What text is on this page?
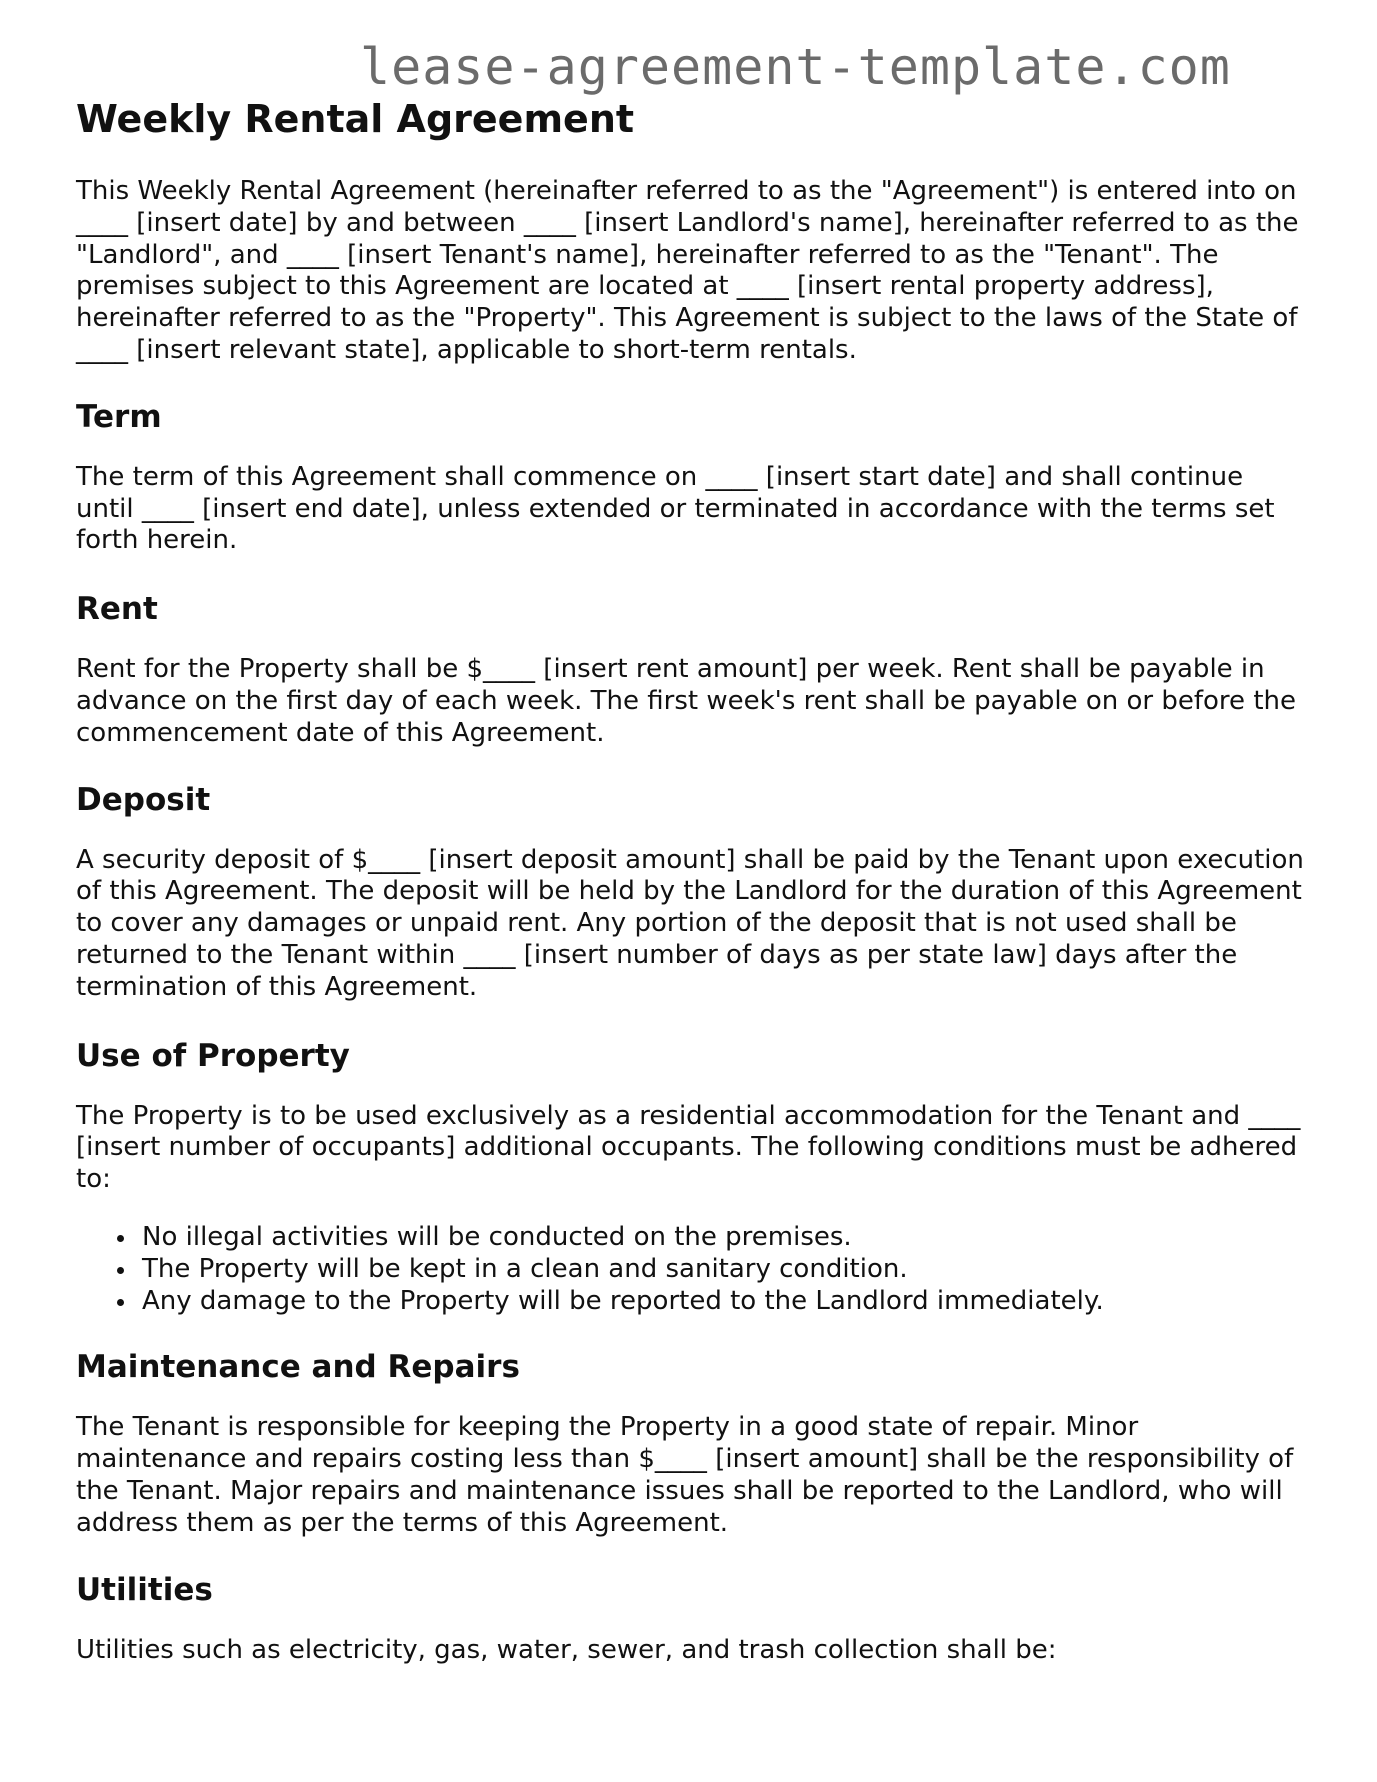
lease-agreement-template.com
Weekly Rental Agreement

This Weekly Rental Agreement (hereinafter referred to as the "Agreement") is entered into on ____ [insert date] by and between ____ [insert Landlord's name], hereinafter referred to as the "Landlord", and ____ [insert Tenant's name], hereinafter referred to as the "Tenant". The premises subject to this Agreement are located at ____ [insert rental property address], hereinafter referred to as the "Property". This Agreement is subject to the laws of the State of ____ [insert relevant state], applicable to short-term rentals.

Term

The term of this Agreement shall commence on ____ [insert start date] and shall continue until ____ [insert end date], unless extended or terminated in accordance with the terms set forth herein.

Rent

Rent for the Property shall be $____ [insert rent amount] per week. Rent shall be payable in advance on the first day of each week. The first week's rent shall be payable on or before the commencement date of this Agreement.

Deposit

A security deposit of $____ [insert deposit amount] shall be paid by the Tenant upon execution of this Agreement. The deposit will be held by the Landlord for the duration of this Agreement to cover any damages or unpaid rent. Any portion of the deposit that is not used shall be returned to the Tenant within ____ [insert number of days as per state law] days after the termination of this Agreement.

Use of Property

The Property is to be used exclusively as a residential accommodation for the Tenant and ____ [insert number of occupants] additional occupants. The following conditions must be adhered to:

No illegal activities will be conducted on the premises.
The Property will be kept in a clean and sanitary condition.
Any damage to the Property will be reported to the Landlord immediately.
Maintenance and Repairs

The Tenant is responsible for keeping the Property in a good state of repair. Minor maintenance and repairs costing less than $____ [insert amount] shall be the responsibility of the Tenant. Major repairs and maintenance issues shall be reported to the Landlord, who will address them as per the terms of this Agreement.

Utilities

Utilities such as electricity, gas, water, sewer, and trash collection shall be:
